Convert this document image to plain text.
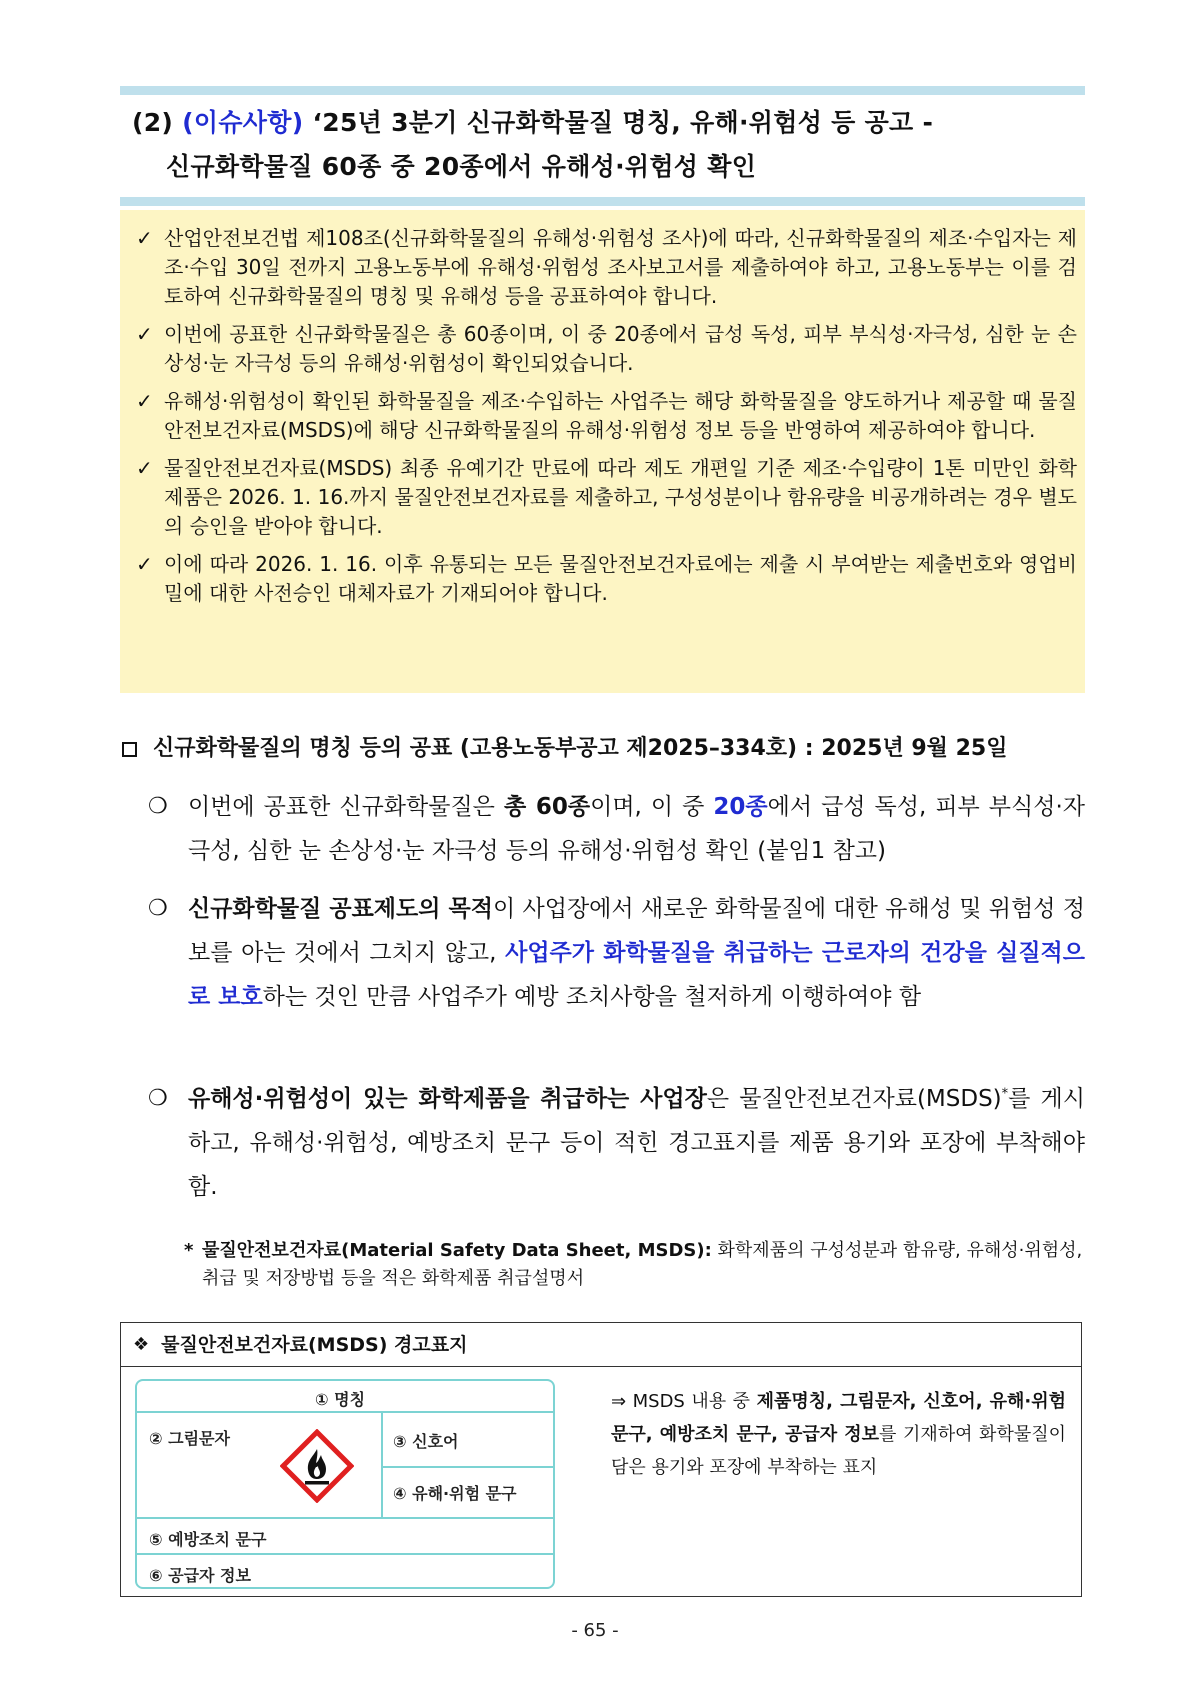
(2) (이슈사항) ‘25년 3분기 신규화학물질 명칭, 유해·위험성 등 공고 -
신규화학물질 60종 중 20종에서 유해성·위험성 확인
✓ 산업안전보건법 제108조(신규화학물질의 유해성·위험성 조사)에 따라, 신규화학물질의 제조·수입자는 제조·수입 30일 전까지 고용노동부에 유해성·위험성 조사보고서를 제출하여야 하고, 고용노동부는 이를 검토하여 신규화학물질의 명칭 및 유해성 등을 공표하여야 합니다.
✓ 이번에 공표한 신규화학물질은 총 60종이며, 이 중 20종에서 급성 독성, 피부 부식성·자극성, 심한 눈 손상성·눈 자극성 등의 유해성·위험성이 확인되었습니다.
✓ 유해성·위험성이 확인된 화학물질을 제조·수입하는 사업주는 해당 화학물질을 양도하거나 제공할 때 물질안전보건자료(MSDS)에 해당 신규화학물질의 유해성·위험성 정보 등을 반영하여 제공하여야 합니다.
✓ 물질안전보건자료(MSDS) 최종 유예기간 만료에 따라 제도 개편일 기준 제조·수입량이 1톤 미만인 화학제품은 2026. 1. 16.까지 물질안전보건자료를 제출하고, 구성성분이나 함유량을 비공개하려는 경우 별도의 승인을 받아야 합니다.
✓ 이에 따라 2026. 1. 16. 이후 유통되는 모든 물질안전보건자료에는 제출 시 부여받는 제출번호와 영업비밀에 대한 사전승인 대체자료가 기재되어야 합니다.
신규화학물질의 명칭 등의 공표 (고용노동부공고 제2025–334호) : 2025년 9월 25일
❍ 이번에 공표한 신규화학물질은 총 60종이며, 이 중 20종에서 급성 독성, 피부 부식성·자극성, 심한 눈 손상성·눈 자극성 등의 유해성·위험성 확인 (붙임1 참고)
❍ 신규화학물질 공표제도의 목적이 사업장에서 새로운 화학물질에 대한 유해성 및 위험성 정보를 아는 것에서 그치지 않고, 사업주가 화학물질을 취급하는 근로자의 건강을 실질적으로 보호하는 것인 만큼 사업주가 예방 조치사항을 철저하게 이행하여야 함
❍ 유해성·위험성이 있는 화학제품을 취급하는 사업장은 물질안전보건자료(MSDS)*를 게시하고, 유해성·위험성, 예방조치 문구 등이 적힌 경고표지를 제품 용기와 포장에 부착해야 함.
* 물질안전보건자료(Material Safety Data Sheet, MSDS): 화학제품의 구성성분과 함유량, 유해성·위험성, 취급 및 저장방법 등을 적은 화학제품 취급설명서
❖ 물질안전보건자료(MSDS) 경고표지
① 명칭
② 그림문자	③ 신호어
④ 유해·위험 문구
⑤ 예방조치 문구
⑥ 공급자 정보
⇒ MSDS 내용 중 제품명칭, 그림문자, 신호어, 유해·위험 문구, 예방조치 문구, 공급자 정보를 기재하여 화학물질이 담은 용기와 포장에 부착하는 표지
- 65 -
